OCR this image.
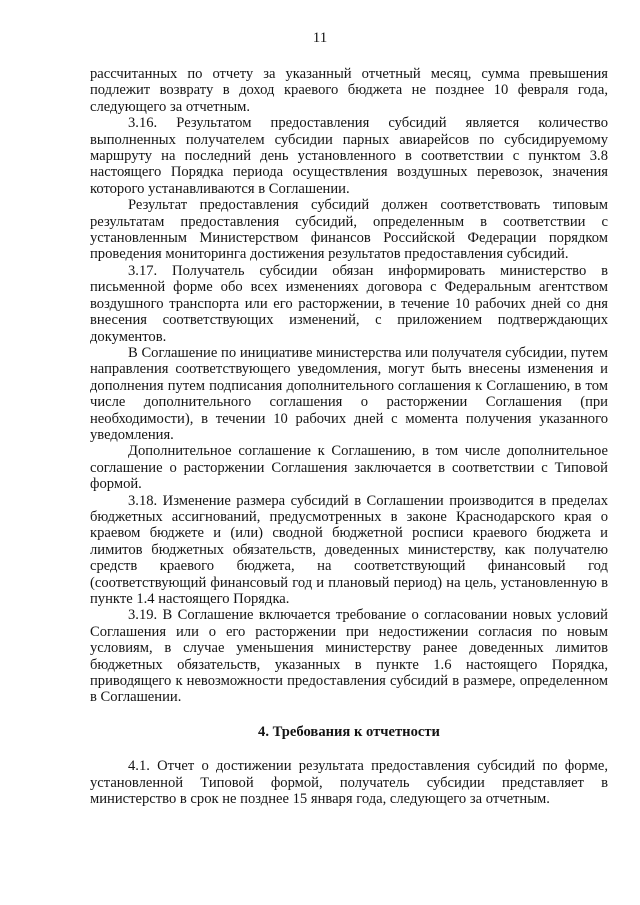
11

рассчитанных по отчету за указанный отчетный месяц, сумма превышения подлежит возврату в доход краевого бюджета не позднее 10 февраля года, следующего за отчетным.

3.16. Результатом предоставления субсидий является количество выполненных получателем субсидии парных авиарейсов по субсидируемому маршруту на последний день установленного в соответствии с пунктом 3.8 настоящего Порядка периода осуществления воздушных перевозок, значения которого устанавливаются в Соглашении.

Результат предоставления субсидий должен соответствовать типовым результатам предоставления субсидий, определенным в соответствии с установленным Министерством финансов Российской Федерации порядком проведения мониторинга достижения результатов предоставления субсидий.

3.17. Получатель субсидии обязан информировать министерство в письменной форме обо всех изменениях договора с Федеральным агентством воздушного транспорта или его расторжении, в течение 10 рабочих дней со дня внесения соответствующих изменений, с приложением подтверждающих документов.

В Соглашение по инициативе министерства или получателя субсидии, путем направления соответствующего уведомления, могут быть внесены изменения и дополнения путем подписания дополнительного соглашения к Соглашению, в том числе дополнительного соглашения о расторжении Соглашения (при необходимости), в течении 10 рабочих дней с момента получения указанного уведомления.

Дополнительное соглашение к Соглашению, в том числе дополнительное соглашение о расторжении Соглашения заключается в соответствии с Типовой формой.

3.18. Изменение размера субсидий в Соглашении производится в пределах бюджетных ассигнований, предусмотренных в законе Краснодарского края о краевом бюджете и (или) сводной бюджетной росписи краевого бюджета и лимитов бюджетных обязательств, доведенных министерству, как получателю средств краевого бюджета, на соответствующий финансовый год (соответствующий финансовый год и плановый период) на цель, установленную в пункте 1.4 настоящего Порядка.

3.19. В Соглашение включается требование о согласовании новых условий Соглашения или о его расторжении при недостижении согласия по новым условиям, в случае уменьшения министерству ранее доведенных лимитов бюджетных обязательств, указанных в пункте 1.6 настоящего Порядка, приводящего к невозможности предоставления субсидий в размере, определенном в Соглашении.

4. Требования к отчетности

4.1. Отчет о достижении результата предоставления субсидий по форме, установленной Типовой формой, получатель субсидии представляет в министерство в срок не позднее 15 января года, следующего за отчетным.
